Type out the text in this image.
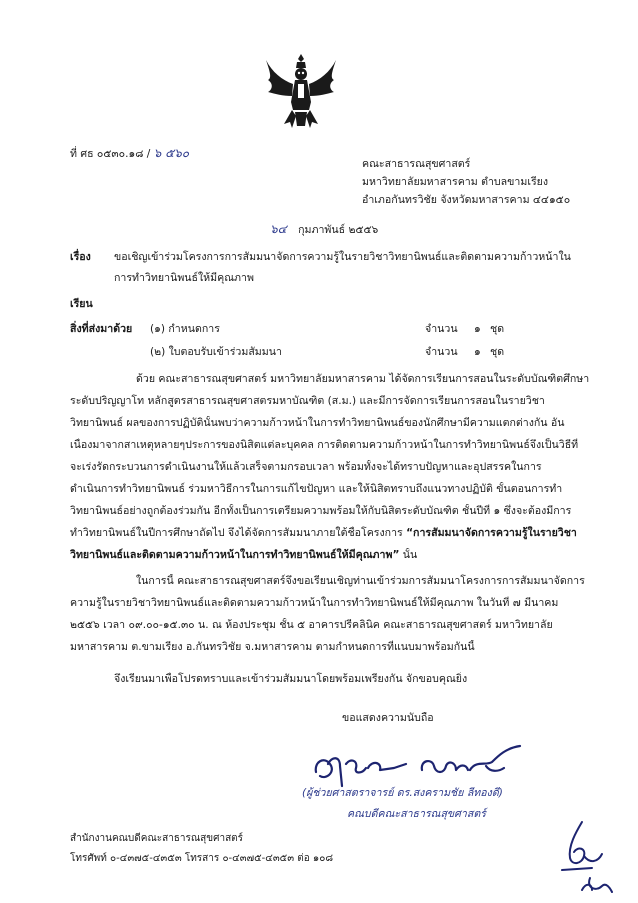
ที่ ศธ ๐๕๓๐.๑๘ / ๖ ๕๖๐
คณะสาธารณสุขศาสตร์
มหาวิทยาลัยมหาสารคาม ตำบลขามเรียง
อำเภอกันทรวิชัย จังหวัดมหาสารคาม ๔๔๑๕๐
๖๔ กุมภาพันธ์ ๒๕๕๖
เรื่อง ขอเชิญเข้าร่วมโครงการการสัมมนาจัดการความรู้ในรายวิชาวิทยานิพนธ์และติดตามความก้าวหน้าใน
การทำวิทยานิพนธ์ให้มีคุณภาพ
เรียน
สิ่งที่ส่งมาด้วย (๑) กำหนดการ	จำนวน ๑ ชุด
(๒) ใบตอบรับเข้าร่วมสัมมนา	จำนวน ๑ ชุด
ด้วย คณะสาธารณสุขศาสตร์ มหาวิทยาลัยมหาสารคาม ได้จัดการเรียนการสอนในระดับบัณฑิตศึกษา
ระดับปริญญาโท หลักสูตรสาธารณสุขศาสตรมหาบัณฑิต (ส.ม.) และมีการจัดการเรียนการสอนในรายวิชา
วิทยานิพนธ์ ผลของการปฏิบัตินั้นพบว่าความก้าวหน้าในการทำวิทยานิพนธ์ของนักศึกษามีความแตกต่างกัน อัน
เนื่องมาจากสาเหตุหลายๆประการของนิสิตแต่ละบุคคล การติดตามความก้าวหน้าในการทำวิทยานิพนธ์จึงเป็นวิธีที่
จะเร่งรัดกระบวนการดำเนินงานให้แล้วเสร็จตามกรอบเวลา พร้อมทั้งจะได้ทราบปัญหาและอุปสรรคในการ
ดำเนินการทำวิทยานิพนธ์ ร่วมหาวิธีการในการแก้ไขปัญหา และให้นิสิตทราบถึงแนวทางปฏิบัติ ขั้นตอนการทำ
วิทยานิพนธ์อย่างถูกต้องร่วมกัน อีกทั้งเป็นการเตรียมความพร้อมให้กับนิสิตระดับบัณฑิต ชั้นปีที่ ๑ ซึ่งจะต้องมีการ
ทำวิทยานิพนธ์ในปีการศึกษาถัดไป จึงได้จัดการสัมมนาภายใต้ชื่อโครงการ “การสัมมนาจัดการความรู้ในรายวิชา
วิทยานิพนธ์และติดตามความก้าวหน้าในการทำวิทยานิพนธ์ให้มีคุณภาพ” นั้น
ในการนี้ คณะสาธารณสุขศาสตร์จึงขอเรียนเชิญท่านเข้าร่วมการสัมมนาโครงการการสัมมนาจัดการ
ความรู้ในรายวิชาวิทยานิพนธ์และติดตามความก้าวหน้าในการทำวิทยานิพนธ์ให้มีคุณภาพ ในวันที่ ๗ มีนาคม
๒๕๕๖ เวลา ๐๙.๐๐-๑๕.๓๐ น. ณ ห้องประชุม ชั้น ๕ อาคารปรีคลินิค คณะสาธารณสุขศาสตร์ มหาวิทยาลัย
มหาสารคาม ต.ขามเรียง อ.กันทรวิชัย จ.มหาสารคาม ตามกำหนดการที่แนบมาพร้อมกันนี้
จึงเรียนมาเพื่อโปรดทราบและเข้าร่วมสัมมนาโดยพร้อมเพรียงกัน จักขอบคุณยิ่ง
ขอแสดงความนับถือ
(ผู้ช่วยศาสตราจารย์ ดร.สงครามชัย ลีทองดี)
คณบดีคณะสาธารณสุขศาสตร์
สำนักงานคณบดีคณะสาธารณสุขศาสตร์
โทรศัพท์ ๐-๔๓๗๕-๔๓๕๓ โทรสาร ๐-๔๓๗๕-๔๓๕๓ ต่อ ๑๐๘
